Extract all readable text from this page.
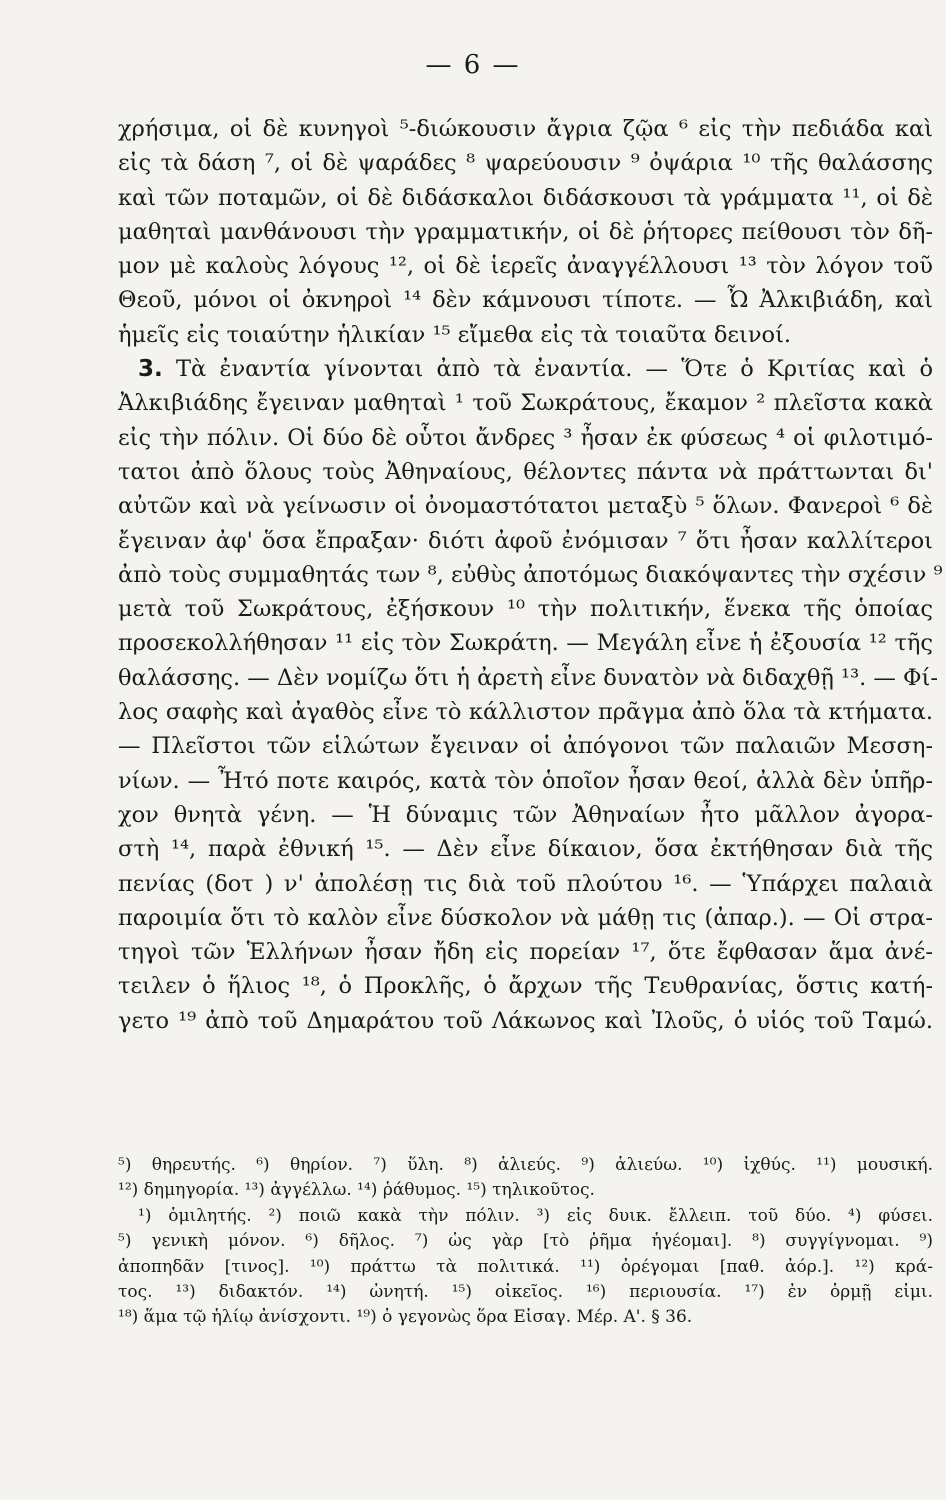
— 6 —
χρήσιμα, οἱ δὲ κυνηγοὶ ⁵-διώκουσιν ἄγρια ζῷα ⁶ εἰς τὴν πεδιάδα καὶ
εἰς τὰ δάση ⁷, οἱ δὲ ψαράδες ⁸ ψαρεύουσιν ⁹ ὀψάρια ¹⁰ τῆς θαλάσσης
καὶ τῶν ποταμῶν, οἱ δὲ διδάσκαλοι διδάσκουσι τὰ γράμματα ¹¹, οἱ δὲ
μαθηταὶ μανθάνουσι τὴν γραμματικήν, οἱ δὲ ῥήτορες πείθουσι τὸν δῆ-
μον μὲ καλοὺς λόγους ¹², οἱ δὲ ἱερεῖς ἀναγγέλλουσι ¹³ τὸν λόγον τοῦ
Θεοῦ, μόνοι οἱ ὀκνηροὶ ¹⁴ δὲν κάμνουσι τίποτε. — Ὦ Ἀλκιβιάδη, καὶ
ἡμεῖς εἰς τοιαύτην ἡλικίαν ¹⁵ εἴμεθα εἰς τὰ τοιαῦτα δεινοί.
3. Τὰ ἐναντία γίνονται ἀπὸ τὰ ἐναντία. — Ὅτε ὁ Κριτίας καὶ ὁ
Ἀλκιβιάδης ἔγειναν μαθηταὶ ¹ τοῦ Σωκράτους, ἔκαμον ² πλεῖστα κακὰ
εἰς τὴν πόλιν. Οἱ δύο δὲ οὗτοι ἄνδρες ³ ἦσαν ἐκ φύσεως ⁴ οἱ φιλοτιμό-
τατοι ἀπὸ ὅλους τοὺς Ἀθηναίους, θέλοντες πάντα νὰ πράττωνται δι'
αὐτῶν καὶ νὰ γείνωσιν οἱ ὀνομαστότατοι μεταξὺ ⁵ ὅλων. Φανεροὶ ⁶ δὲ
ἔγειναν ἀφ' ὅσα ἔπραξαν· διότι ἀφοῦ ἐνόμισαν ⁷ ὅτι ἦσαν καλλίτεροι
ἀπὸ τοὺς συμμαθητάς των ⁸, εὐθὺς ἀποτόμως διακόψαντες τὴν σχέσιν ⁹
μετὰ τοῦ Σωκράτους, ἐξήσκουν ¹⁰ τὴν πολιτικήν, ἕνεκα τῆς ὁποίας
προσεκολλήθησαν ¹¹ εἰς τὸν Σωκράτη. — Μεγάλη εἶνε ἡ ἐξουσία ¹² τῆς
θαλάσσης. — Δὲν νομίζω ὅτι ἡ ἀρετὴ εἶνε δυνατὸν νὰ διδαχθῇ ¹³. — Φί-
λος σαφὴς καὶ ἀγαθὸς εἶνε τὸ κάλλιστον πρᾶγμα ἀπὸ ὅλα τὰ κτήματα.
— Πλεῖστοι τῶν εἱλώτων ἔγειναν οἱ ἀπόγονοι τῶν παλαιῶν Μεσση-
νίων. — Ἦτό ποτε καιρός, κατὰ τὸν ὁποῖον ἦσαν θεοί, ἀλλὰ δὲν ὑπῆρ-
χον θνητὰ γένη. — Ἡ δύναμις τῶν Ἀθηναίων ἦτο μᾶλλον ἀγορα-
στὴ ¹⁴, παρὰ ἐθνική ¹⁵. — Δὲν εἶνε δίκαιον, ὅσα ἐκτήθησαν διὰ τῆς
πενίας (δοτ ) ν' ἀπολέσῃ τις διὰ τοῦ πλούτου ¹⁶. — Ὑπάρχει παλαιὰ
παροιμία ὅτι τὸ καλὸν εἶνε δύσκολον νὰ μάθῃ τις (ἀπαρ.). — Οἱ στρα-
τηγοὶ τῶν Ἑλλήνων ἦσαν ἤδη εἰς πορείαν ¹⁷, ὅτε ἔφθασαν ἅμα ἀνέ-
τειλεν ὁ ἥλιος ¹⁸, ὁ Προκλῆς, ὁ ἄρχων τῆς Τευθρανίας, ὅστις κατή-
γετο ¹⁹ ἀπὸ τοῦ Δημαράτου τοῦ Λάκωνος καὶ Ἰλοῦς, ὁ υἱός τοῦ Ταμώ.
⁵) θηρευτής. ⁶) θηρίον. ⁷) ὕλη. ⁸) ἁλιεύς. ⁹) ἁλιεύω. ¹⁰) ἰχθύς. ¹¹) μουσική.
¹²) δημηγορία. ¹³) ἀγγέλλω. ¹⁴) ῥάθυμος. ¹⁵) τηλικοῦτος.
¹) ὁμιλητής. ²) ποιῶ κακὰ τὴν πόλιν. ³) εἰς δυικ. ἔλλειπ. τοῦ δύο. ⁴) φύσει.
⁵) γενικὴ μόνον. ⁶) δῆλος. ⁷) ὡς γὰρ [τὸ ῥῆμα ἡγέομαι]. ⁸) συγγίγνομαι. ⁹)
ἀποπηδᾶν [τινος]. ¹⁰) πράττω τὰ πολιτικά. ¹¹) ὀρέγομαι [παθ. ἀόρ.]. ¹²) κρά-
τος. ¹³) διδακτόν. ¹⁴) ὠνητή. ¹⁵) οἰκεῖος. ¹⁶) περιουσία. ¹⁷) ἐν ὁρμῇ εἰμι.
¹⁸) ἅμα τῷ ἡλίῳ ἀνίσχοντι. ¹⁹) ὁ γεγονὼς ὅρα Εἰσαγ. Μέρ. Α'. § 36.
